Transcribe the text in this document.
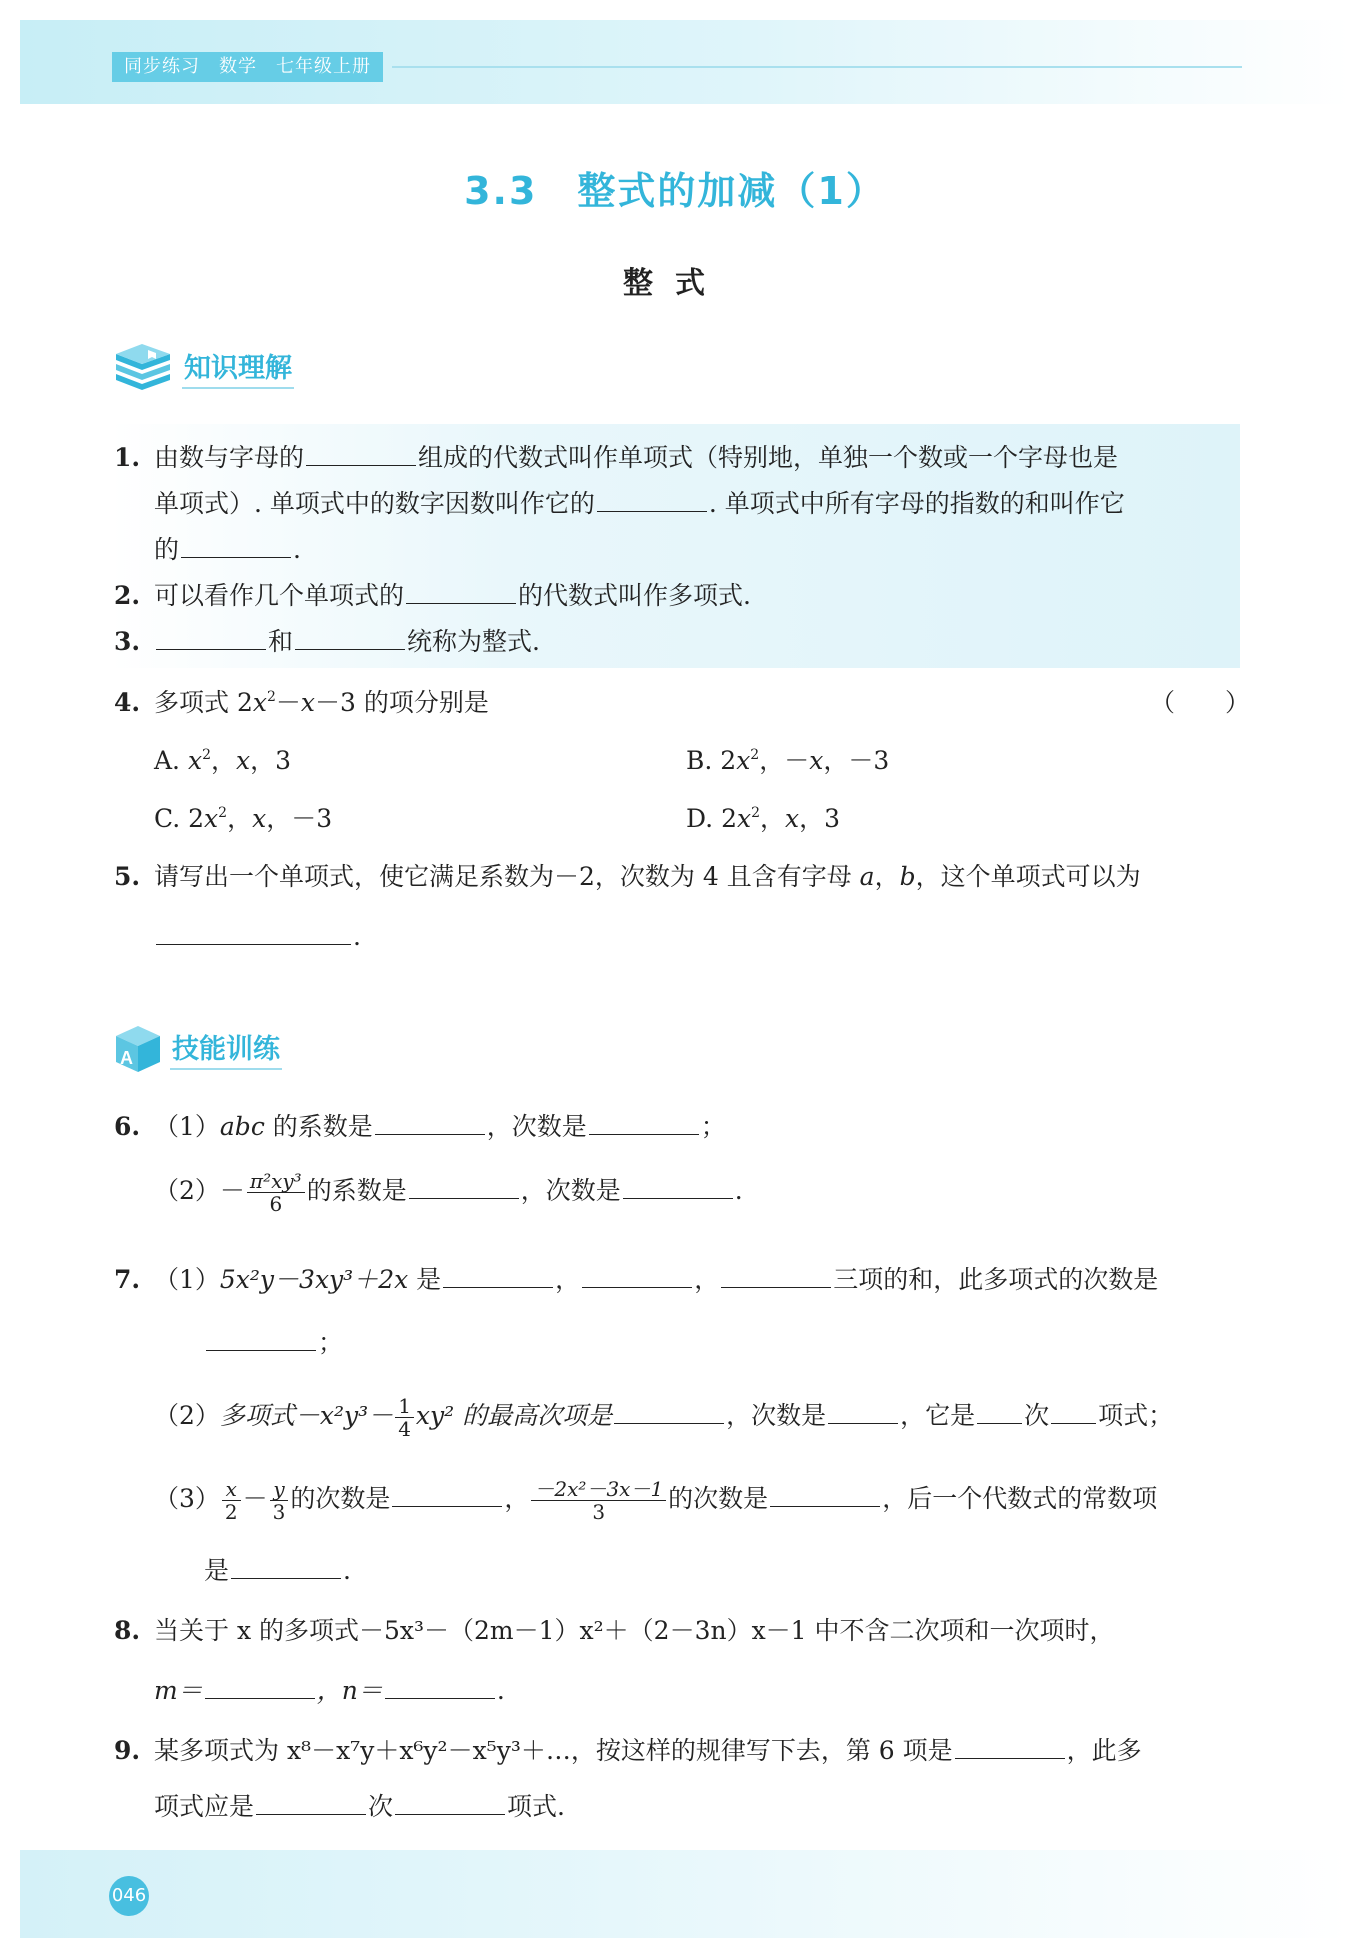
同步练习　数学　七年级上册
3.3　整式的加减（1）
整式
知识理解
1. 由数与字母的	组成的代数式叫作单项式（特别地，单独一个数或一个字母也是
单项式）. 单项式中的数字因数叫作它的	. 单项式中所有字母的指数的和叫作它
的	.
2. 可以看作几个单项式的	的代数式叫作多项式.
3.	和	统称为整式.
4. 多项式 $2x^2-x-3$ 的项分别是	（　　）
A. $x^2$，x，3	B. $2x^2$，－x，－3
C. $2x^2$，x，－3	D. $2x^2$，x，3
5. 请写出一个单项式，使它满足系数为－2，次数为 4 且含有字母 a，b，这个单项式可以为
.
A 技能训练
6. （1）abc 的系数是	，次数是	；
$(2)- \frac{\text{π²xy³}}{6}$ 的系数是	，次数是	.
7. （1）5x²y－3xy³＋2x 是	，	，	三项的和，此多项式的次数是
；
（2）多项式$-x^2y^3- \frac{1}{4} xy^2$ 的最高次项是	，次数是	，它是 次 项式；
$(3) \frac{x}{2} - \frac{y}{3}$ 的次数是	， $\frac{\text{－2x²－3x－1}}{3}$ 的次数是	，后一个代数式的常数项
是	.
8. 当关于 x 的多项式－5x³－（2m－1）x²＋（2－3n）x－1 中不含二次项和一次项时，
m＝	，n＝	.
9. 某多项式为 x⁸－x⁷y＋x⁶y²－x⁵y³＋…，按这样的规律写下去，第 6 项是	，此多
项式应是	次	项式.
046
